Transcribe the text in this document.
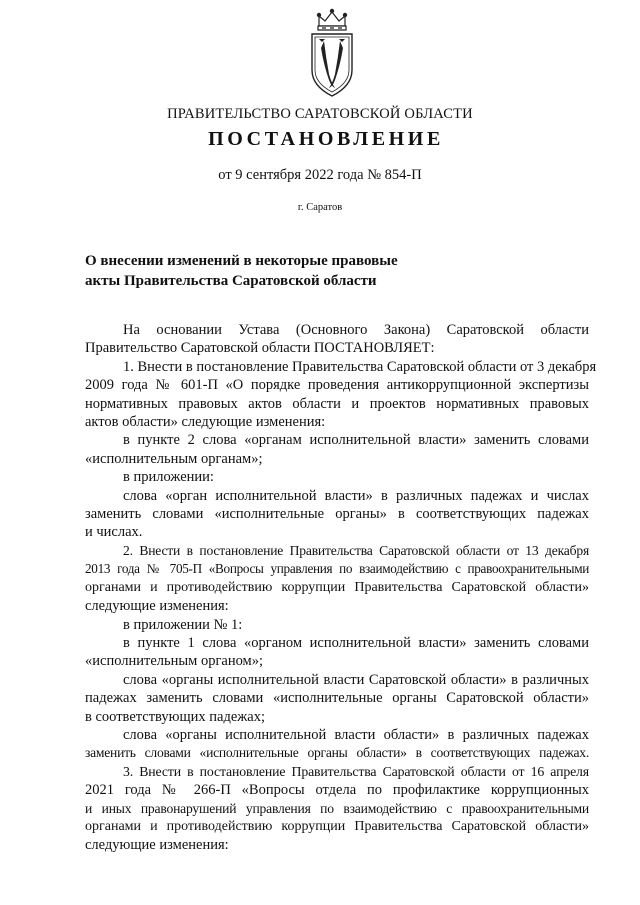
ПРАВИТЕЛЬСТВО САРАТОВСКОЙ ОБЛАСТИ
ПОСТАНОВЛЕНИЕ
от 9 сентября 2022 года № 854-П
г. Саратов
О внесении изменений в некоторые правовые
акты Правительства Саратовской области
На основании Устава (Основного Закона) Саратовской области
Правительство Саратовской области ПОСТАНОВЛЯЕТ:
1. Внести в постановление Правительства Саратовской области от 3 декабря
2009 года № 601-П «О порядке проведения антикоррупционной экспертизы
нормативных правовых актов области и проектов нормативных правовых
актов области» следующие изменения:
в пункте 2 слова «органам исполнительной власти» заменить словами
«исполнительным органам»;
в приложении:
слова «орган исполнительной власти» в различных падежах и числах
заменить словами «исполнительные органы» в соответствующих падежах
и числах.
2. Внести в постановление Правительства Саратовской области от 13 декабря
2013 года № 705-П «Вопросы управления по взаимодействию с правоохранительными
органами и противодействию коррупции Правительства Саратовской области»
следующие изменения:
в приложении № 1:
в пункте 1 слова «органом исполнительной власти» заменить словами
«исполнительным органом»;
слова «органы исполнительной власти Саратовской области» в различных
падежах заменить словами «исполнительные органы Саратовской области»
в соответствующих падежах;
слова «органы исполнительной власти области» в различных падежах
заменить словами «исполнительные органы области» в соответствующих падежах.
3. Внести в постановление Правительства Саратовской области от 16 апреля
2021 года № 266-П «Вопросы отдела по профилактике коррупционных
и иных правонарушений управления по взаимодействию с правоохранительными
органами и противодействию коррупции Правительства Саратовской области»
следующие изменения:
